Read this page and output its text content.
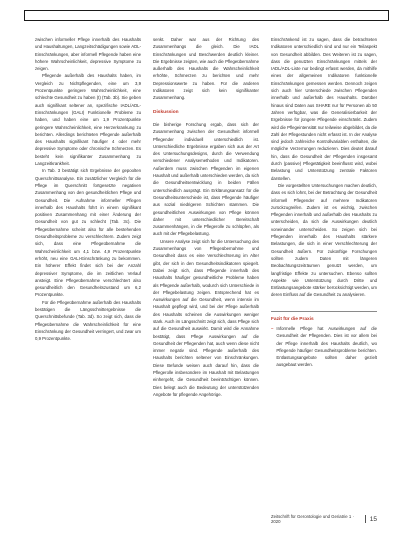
zwischen informeller Pflege innerhalb des Haushalts und Haushaltungen, Langzeitschädigungen sowie ADL-Einschränkungen, aber informell Pflegende haben eine höhere Wahrscheinlichkeit, depressive Symptome zu zeigen.

Pflegende außerhalb des Haushalts haben, im Vergleich zu Nichtpflegenden, eine um 3,9 Prozentpunkte geringere Wahrscheinlichkeit, eine schlechte Gesundheit zu haben (t) (Tab. 3b). Sie geben auch signifikant seltener an, spezifische IADL/ADL-Einschränkungen (GALI) Funktionelle Probleme zu haben, und haben eine um 1,9 Prozentpunkte geringere Wahrscheinlichkeit, eine Herzerkrankung zu berichten. Allerdings berichteten Pflegende außerhalb des Haushalts signifikant häufiger 4 oder mehr depressive Symptome oder chronische Schmerzen. Es besteht kein signifikanter Zusammenhang zu Langzeitkrankheit.

In Tab. 3 bestätigt sich Ergebnisse der gepoolten Querschnittsanalyse. Ein zusätzlicher Vergleich für die Pflege im Querschnitt fortgesetzte negativen Zusammenhang von den gesundheitlichen Pflege und Gesundheit. Die Aufnahme informeller Pflegen innerhalb des Haushalts führt in einem signifikant positiven Zusammenhang mit einer Änderung der Gesundheit von gut zu schlecht (Tab. 3c). Die Pflegeübernahme scheint also für alle bestehenden Gesundheitsprobleme zu verschlechtern. Zudem zeigt sich, dass eine Pflegeübernahme die Wahrscheinlichkeit um 4,1 bzw. 4,9 Prozentpunkte erhöht, neu eine GALI-Einschränkung zu bekommen. Ein höherer Effekt findet sich bei der Anzahl depressiver Symptome, die im zeitlichen Verlauf ansteigt. Eine Pflegeübernahme verschlechtert also gesundheitlich den Gesundheitszustand um 6,2 Prozentpunkte.

Für die Pflegeübernahme außerhalb des Haushalts bestätigen die Längsschnittergebnisse die Querschnittsbefunde (Tab. 3d). So zeigt sich, dass die Pflegeübernahme die Wahrscheinlichkeit für eine Einschränkung der Gesundheit verringert, und zwar um 0,9 Prozentpunkte.

senkt. Daher war aus der Richtung des Zusammenhangs die gleich. Die IADL Einschränkungen und Beschwerden deutlich kleiner. Die Ergebnisse zeigten, wie auch die Pflegeübernahme außerhalb des Haushalts die Wahrscheinlichkeit erhöhte, Schmerzen zu berichten und mehr Depressionswerte zu haben. Für die anderen Indikatoren zeigt sich kein signifikanter Zusammenhang.

Diskussion

Die bisherige Forschung ergab, dass sich der Zusammenhang zwischen der Gesundheit informell Pflegender individuell unterschiedlich ist. Unterschiedliche Ergebnisse ergaben sich aus der Art des Untersuchungsdesigns, durch die Verwendung verschiedener Analysemethoden und Indikatoren. Außerdem muss zwischen Pflegenden im eigenen Haushalt und außerhalb unterschieden werden, da sich die Gesundheitsentwicklung in beiden Fällen unterschiedlich ausprägt. Ein Erklärungsansatz für die Gesundheitsunterschiede ist, dass Pflegende häufiger aus sozial niedrigeren Schichten stammen. Die gesundheitlichen Auswirkungen von Pflege können daher mit unterschiedlicher Bereitschaft zusammenhängen, in die Pflegerolle zu schlüpfen, als auch mit der Pflegebelastung.

Unsere Analyse zeigt sich für die Untersuchung des Zusammenhangs von Pflegeübernahme und Gesundheit dass es eine Verschlechterung im Alter gibt, der sich in den Gesundheitsindikatoren spiegelt. Dabei zeigt sich, dass Pflegende innerhalb des Haushalts häufiger gesundheitliche Probleme haben als Pflegende außerhalb, wodurch sich Unterschiede in der Pflegebelastung zeigen. Entsprechend hat es Auswirkungen auf die Gesundheit, wenn intensiv im Haushalt gepflegt wird, und bei der Pflege außerhalb des Haushalts scheinen die Auswirkungen weniger stark. Auch im Längsschnitt zeigt sich, dass Pflege sich auf die Gesundheit auswirkt. Damit wird die Annahme bestätigt, dass Pflege Auswirkungen auf die Gesundheit der Pflegenden hat, auch wenn diese nicht immer negativ sind. Pflegende außerhalb des Haushalts berichten seltener von Einschränkungen. Diese Befunde weisen auch darauf hin, dass die Pflegerolle insbesondere im Haushalt mit Belastungen einhergeht, die Gesundheit beeinträchtigen können. Dies belegt auch die Bedeutung der unterstützenden Angebote für pflegende Angehörige.

Einschränkend ist zu sagen, dass die betrachteten Indikatoren unterschiedlich sind und nur ein Teilaspekt von Gesundheit abbilden. Des Weiteren ist zu sagen, dass die genutzten Einschränkungen mittels der IADL/ADL-Liste nur bedingt erfasst werden, da mithilfe eines der allgemeinen Indikatoren funktionelle Einschränkungen gemessen werden. Dennoch zeigen sich auch hier Unterschiede zwischen Pflegenden innerhalb und außerhalb des Haushalts. Darüber hinaus sind Daten aus SHARE nur für Personen ab 50 Jahren verfügbar, was die Generalisierbarkeit der Ergebnisse für jüngere Pflegende einschränkt. Zudem wird die Pflegeintensität nur teilweise abgebildet, da die Zahl der Pflegestunden nicht erfasst ist. In der Analyse sind jedoch zahlreiche Kontrollvariablen enthalten, die mögliche Verzerrungen reduzieren. Dies deutet darauf hin, dass die Gesundheit der Pflegenden insgesamt durch (passive) Pflegetätigkeit beeinflusst wird, wobei Belastung und Unterstützung zentrale Faktoren darstellen.

Die vorgestellten Untersuchungen machen deutlich, dass es sich lohnt, bei der Betrachtung der Gesundheit informell Pflegender auf mehrere Indikatoren zurückzugreifen. Zudem ist es wichtig, zwischen Pflegenden innerhalb und außerhalb des Haushalts zu unterscheiden, da sich die Auswirkungen deutlich voneinander unterscheiden. So zeigen sich bei Pflegenden innerhalb des Haushalts stärkere Belastungen, die sich in einer Verschlechterung der Gesundheit äußern. Für zukünftige Forschungen sollten zudem Daten mit längeren Beobachtungszeiträumen genutzt werden, um langfristige Effekte zu untersuchen. Ebenso sollten Aspekte wie Unterstützung durch Dritte und Entlastungsangebote stärker berücksichtigt werden, um deren Einfluss auf die Gesundheit zu analysieren.

Fazit für die Praxis
– Informelle Pflege hat Auswirkungen auf die Gesundheit der Pflegenden. Dies ist vor allem bei der Pflege innerhalb des Haushalts deutlich, wo Pflegende häufiger Gesundheitsprobleme berichten. Entlastungsangebote sollten daher gezielt ausgebaut werden.
Zeitschrift für Gerontologie und Geriatrie 1 · 2020	15
